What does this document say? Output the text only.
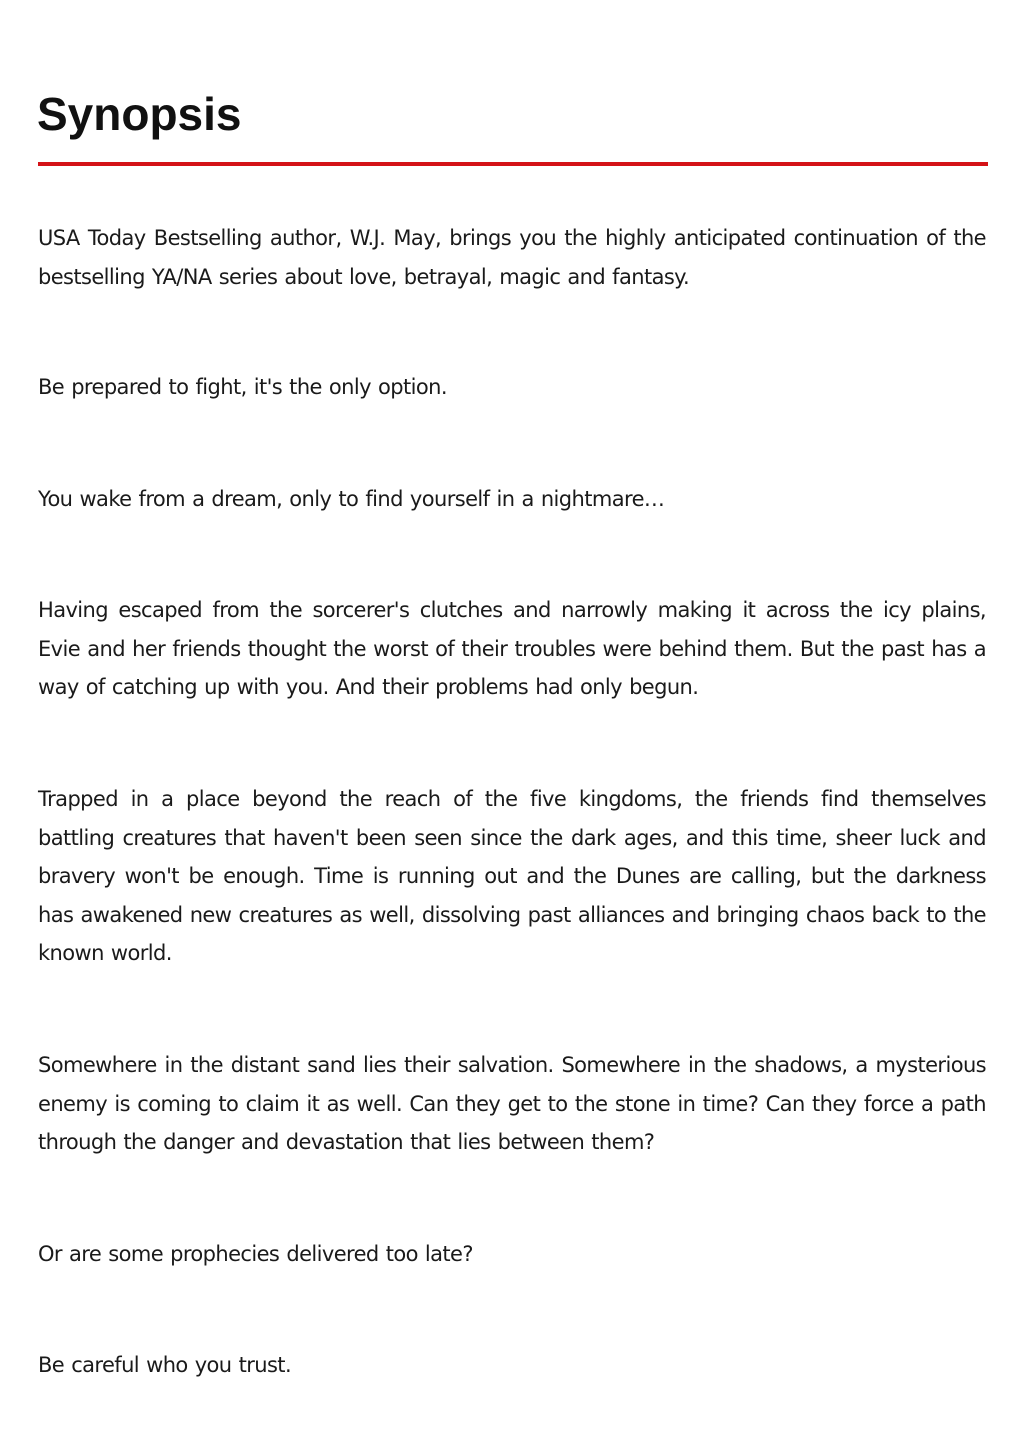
Synopsis

USA Today Bestselling author, W.J. May, brings you the highly anticipated continuation of the bestselling YA/NA series about love, betrayal, magic and fantasy.

Be prepared to fight, it's the only option.

You wake from a dream, only to find yourself in a nightmare…

Having escaped from the sorcerer's clutches and narrowly making it across the icy plains, Evie and her friends thought the worst of their troubles were behind them. But the past has a way of catching up with you. And their problems had only begun.

Trapped in a place beyond the reach of the five kingdoms, the friends find themselves battling creatures that haven't been seen since the dark ages, and this time, sheer luck and bravery won't be enough. Time is running out and the Dunes are calling, but the darkness has awakened new creatures as well, dissolving past alliances and bringing chaos back to the known world.

Somewhere in the distant sand lies their salvation. Somewhere in the shadows, a mysterious enemy is coming to claim it as well. Can they get to the stone in time? Can they force a path through the danger and devastation that lies between them?

Or are some prophecies delivered too late?

Be careful who you trust.
